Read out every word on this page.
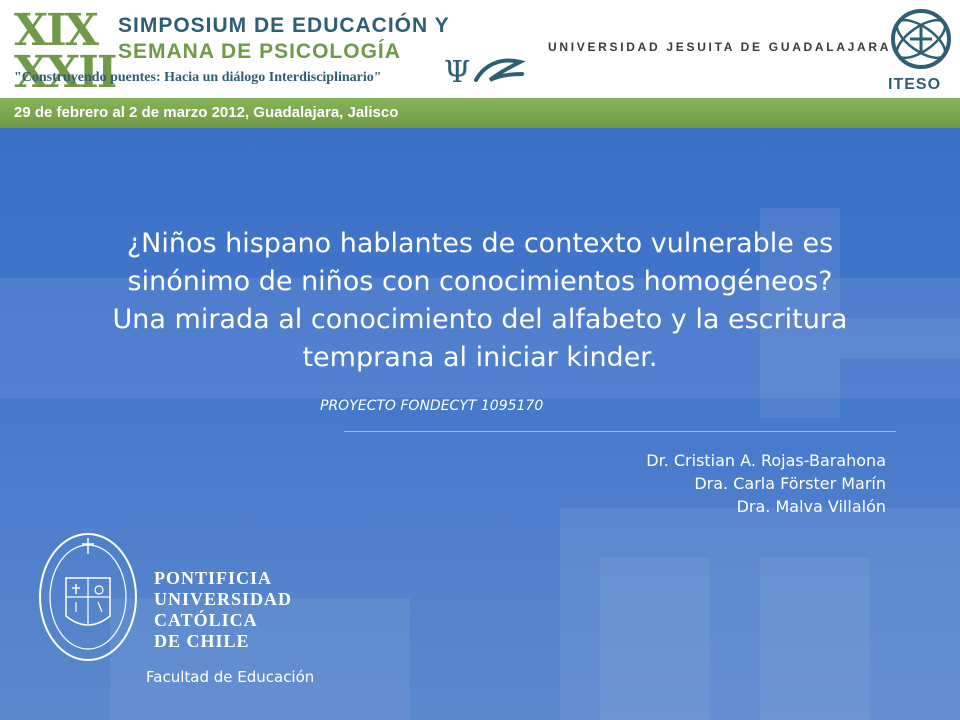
XIX
XXII
SIMPOSIUM DE EDUCACIÓN Y
SEMANA DE PSICOLOGÍA
"Construyendo puentes: Hacia un diálogo Interdisciplinario" Ψ
UNIVERSIDAD JESUITA DE GUADALAJARA
ITESO
29 de febrero al 2 de marzo 2012, Guadalajara, Jalisco
¿Niños hispano hablantes de contexto vulnerable es
sinónimo de niños con conocimientos homogéneos?
Una mirada al conocimiento del alfabeto y la escritura
temprana al iniciar kinder.
PROYECTO FONDECYT 1095170
Dr. Cristian A. Rojas-Barahona
Dra. Carla Förster Marín
Dra. Malva Villalón
PONTIFICIA
UNIVERSIDAD
CATÓLICA
DE CHILE
Facultad de Educación
